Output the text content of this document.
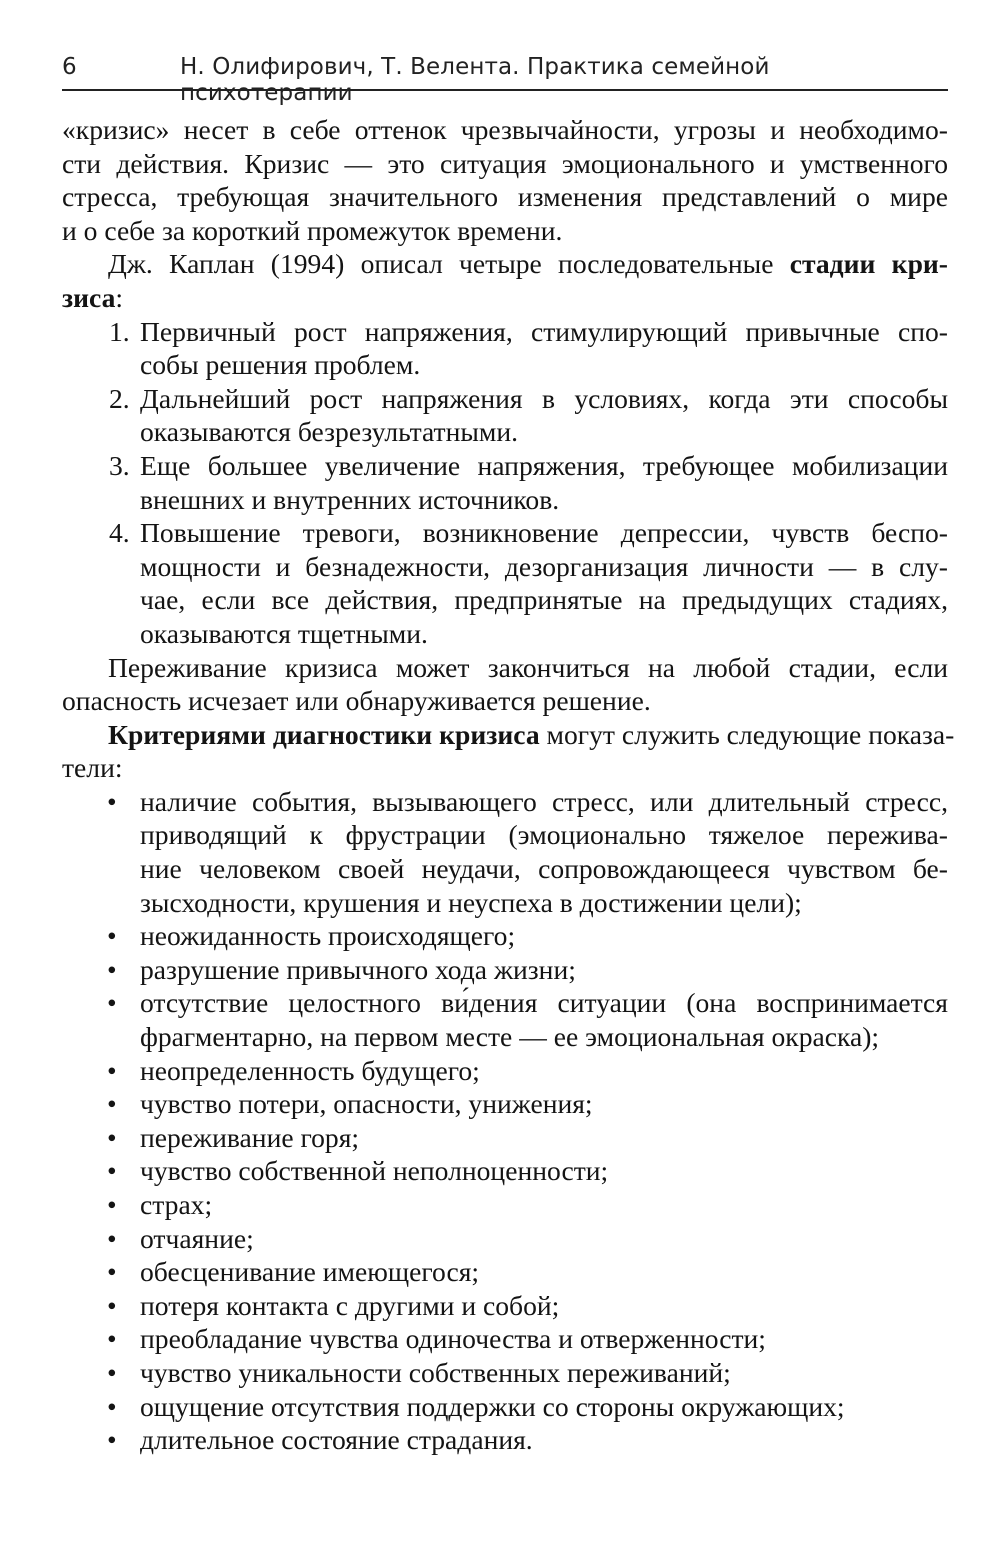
6	Н. Олифирович, Т. Велента. Практика семейной психотерапии
«кризис» несет в себе оттенок чрезвычайности, угрозы и необходимо-
сти действия. Кризис — это ситуация эмоционального и умственного
стресса, требующая значительного изменения представлений о мире
и о себе за короткий промежуток времени.
Дж. Каплан (1994) описал четыре последовательные стадии кри-
зиса:
1. Первичный рост напряжения, стимулирующий привычные спо-
собы решения проблем.
2. Дальнейший рост напряжения в условиях, когда эти способы
оказываются безрезультатными.
3. Еще большее увеличение напряжения, требующее мобилизации
внешних и внутренних источников.
4. Повышение тревоги, возникновение депрессии, чувств беспо-
мощности и безнадежности, дезорганизация личности — в слу-
чае, если все действия, предпринятые на предыдущих стадиях,
оказываются тщетными.
Переживание кризиса может закончиться на любой стадии, если
опасность исчезает или обнаруживается решение.
Критериями диагностики кризиса могут служить следующие показа-
тели:
• наличие события, вызывающего стресс, или длительный стресс,
приводящий к фрустрации (эмоционально тяжелое пережива-
ние человеком своей неудачи, сопровождающееся чувством бе-
зысходности, крушения и неуспеха в достижении цели);
• неожиданность происходящего;
• разрушение привычного хода жизни;
• отсутствие целостного ви́дения ситуации (она воспринимается
фрагментарно, на первом месте — ее эмоциональная окраска);
• неопределенность будущего;
• чувство потери, опасности, унижения;
• переживание горя;
• чувство собственной неполноценности;
• страх;
• отчаяние;
• обесценивание имеющегося;
• потеря контакта с другими и собой;
• преобладание чувства одиночества и отверженности;
• чувство уникальности собственных переживаний;
• ощущение отсутствия поддержки со стороны окружающих;
• длительное состояние страдания.
